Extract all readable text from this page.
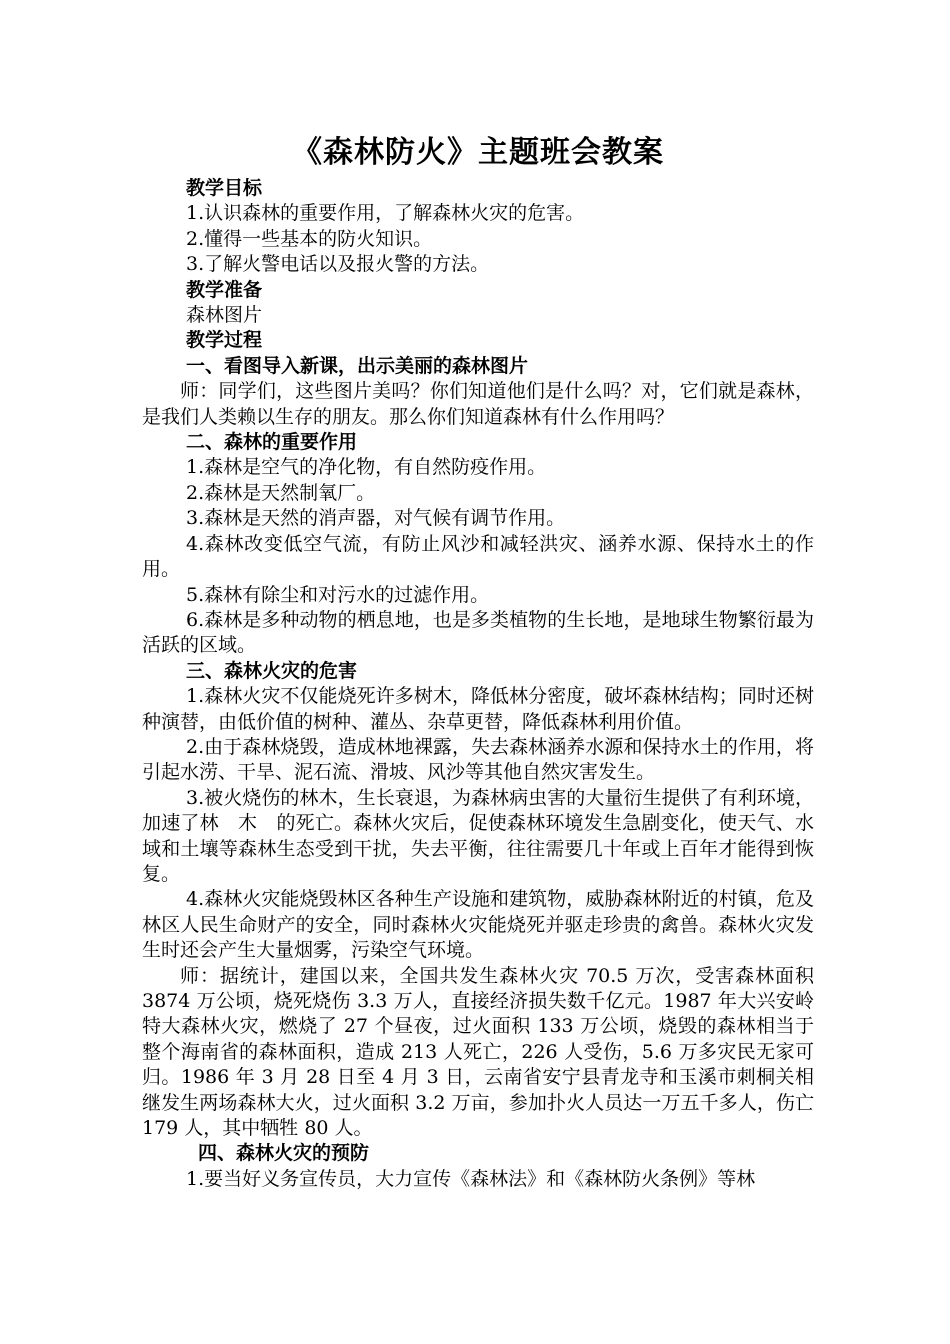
《森林防火》主题班会教案

教学目标

1.认识森林的重要作用，了解森林火灾的危害。

2.懂得一些基本的防火知识。

3.了解火警电话以及报火警的方法。

教学准备

森林图片

教学过程

一、看图导入新课，出示美丽的森林图片

师：同学们，这些图片美吗？你们知道他们是什么吗？对，它们就是森林，是我们人类赖以生存的朋友。那么你们知道森林有什么作用吗？

二、森林的重要作用

1.森林是空气的净化物，有自然防疫作用。

2.森林是天然制氧厂。

3.森林是天然的消声器，对气候有调节作用。

4.森林改变低空气流，有防止风沙和减轻洪灾、涵养水源、保持水土的作用。

5.森林有除尘和对污水的过滤作用。

6.森林是多种动物的栖息地，也是多类植物的生长地，是地球生物繁衍最为活跃的区域。

三、森林火灾的危害

1.森林火灾不仅能烧死许多树木，降低林分密度，破坏森林结构；同时还树种演替，由低价值的树种、灌丛、杂草更替，降低森林利用价值。

2.由于森林烧毁，造成林地裸露，失去森林涵养水源和保持水土的作用，将引起水涝、干旱、泥石流、滑坡、风沙等其他自然灾害发生。

3.被火烧伤的林木，生长衰退，为森林病虫害的大量衍生提供了有利环境，加速了林　木　的死亡。森林火灾后，促使森林环境发生急剧变化，使天气、水域和土壤等森林生态受到干扰，失去平衡，往往需要几十年或上百年才能得到恢复。

4.森林火灾能烧毁林区各种生产设施和建筑物，威胁森林附近的村镇，危及林区人民生命财产的安全，同时森林火灾能烧死并驱走珍贵的禽兽。森林火灾发生时还会产生大量烟雾，污染空气环境。

师：据统计，建国以来，全国共发生森林火灾 70.5 万次，受害森林面积 3874 万公顷，烧死烧伤 3.3 万人，直接经济损失数千亿元。1987 年大兴安岭特大森林火灾，燃烧了 27 个昼夜，过火面积 133 万公顷，烧毁的森林相当于整个海南省的森林面积，造成 213 人死亡，226 人受伤，5.6 万多灾民无家可归。1986 年 3 月 28 日至 4 月 3 日，云南省安宁县青龙寺和玉溪市刺桐关相继发生两场森林大火，过火面积 3.2 万亩，参加扑火人员达一万五千多人，伤亡 179 人，其中牺牲 80 人。

四、森林火灾的预防

1.要当好义务宣传员，大力宣传《森林法》和《森林防火条例》等林
